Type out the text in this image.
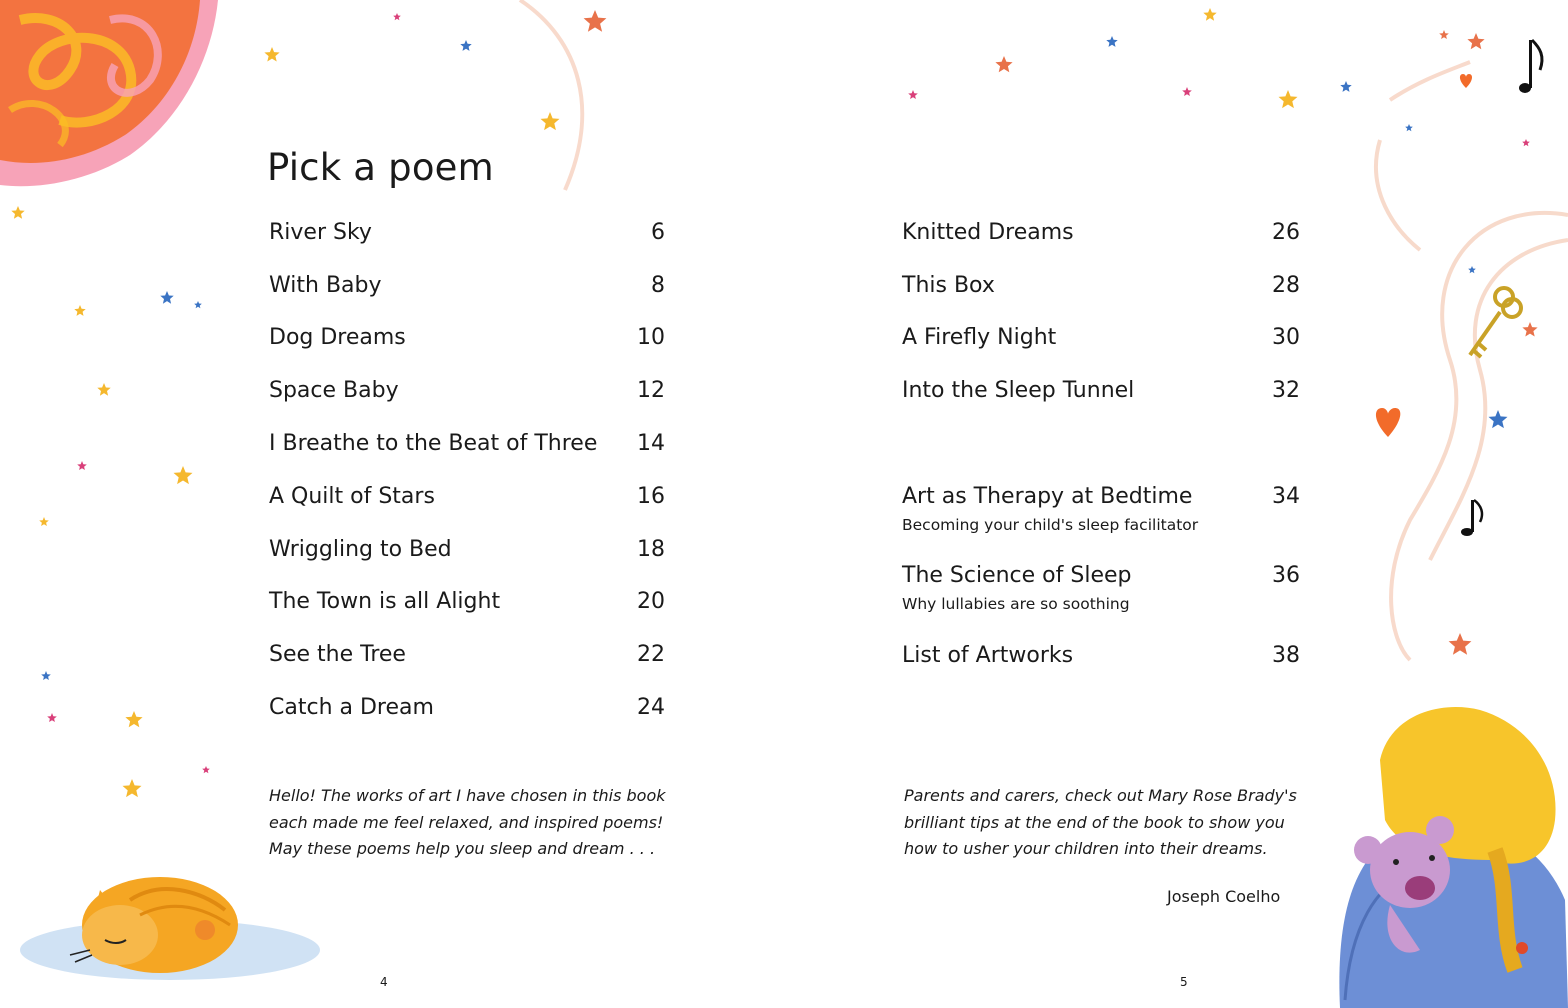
Pick a poem
River Sky	6
With Baby	8
Dog Dreams	10
Space Baby	12
I Breathe to the Beat of Three	14
A Quilt of Stars	16
Wriggling to Bed	18
The Town is all Alight	20
See the Tree	22
Catch a Dream	24
Knitted Dreams	26
This Box	28
A Firefly Night	30
Into the Sleep Tunnel	32
Art as Therapy at Bedtime	34
Becoming your child's sleep facilitator
The Science of Sleep	36
Why lullabies are so soothing
List of Artworks	38

Hello! The works of art I have chosen in this book
each made me feel relaxed, and inspired poems!
May these poems help you sleep and dream . . .

Parents and carers, check out Mary Rose Brady's
brilliant tips at the end of the book to show you
how to usher your children into their dreams.

Joseph Coelho
4	5
